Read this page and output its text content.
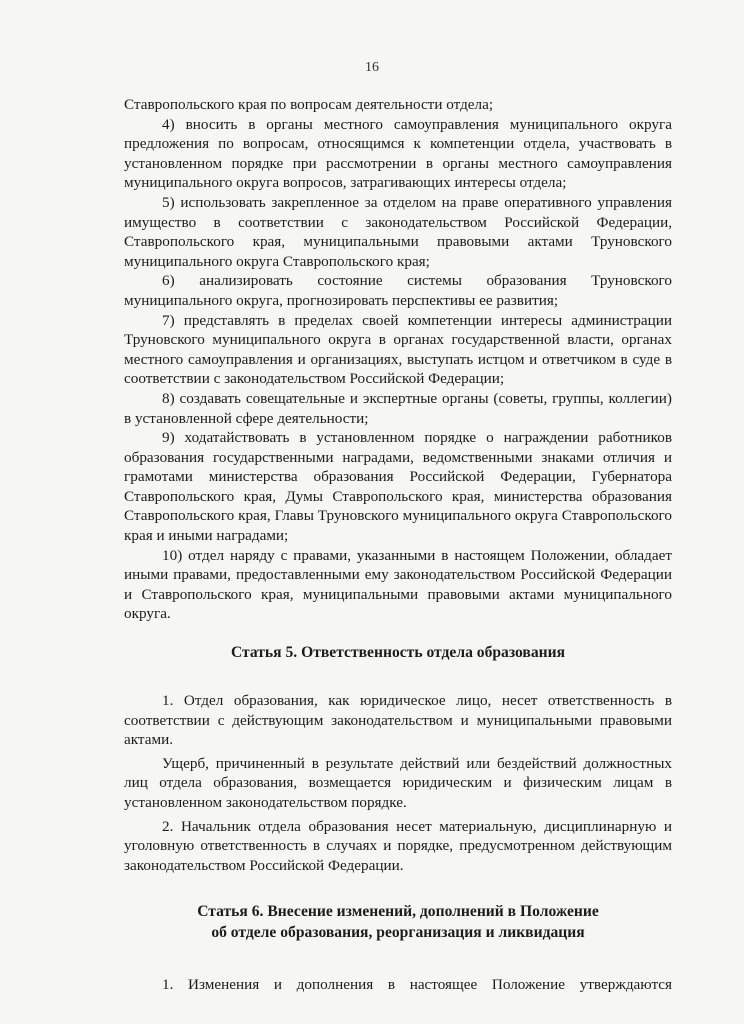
16

Ставропольского края по вопросам деятельности отдела;

4) вносить в органы местного самоуправления муниципального округа предложения по вопросам, относящимся к компетенции отдела, участвовать в установленном порядке при рассмотрении в органы местного самоуправления муниципального округа вопросов, затрагивающих интересы отдела;

5) использовать закрепленное за отделом на праве оперативного управления имущество в соответствии с законодательством Российской Федерации, Ставропольского края, муниципальными правовыми актами Труновского муниципального округа Ставропольского края;

6) анализировать состояние системы образования Труновского муниципального округа, прогнозировать перспективы ее развития;

7) представлять в пределах своей компетенции интересы администрации Труновского муниципального округа в органах государственной власти, органах местного самоуправления и организациях, выступать истцом и ответчиком в суде в соответствии с законодательством Российской Федерации;

8) создавать совещательные и экспертные органы (советы, группы, коллегии) в установленной сфере деятельности;

9) ходатайствовать в установленном порядке о награждении работников образования государственными наградами, ведомственными знаками отличия и грамотами министерства образования Российской Федерации, Губернатора Ставропольского края, Думы Ставропольского края, министерства образования Ставропольского края, Главы Труновского муниципального округа Ставропольского края и иными наградами;

10) отдел наряду с правами, указанными в настоящем Положении, обладает иными правами, предоставленными ему законодательством Российской Федерации и Ставропольского края, муниципальными правовыми актами муниципального округа.

Статья 5. Ответственность отдела образования

1. Отдел образования, как юридическое лицо, несет ответственность в соответствии с действующим законодательством и муниципальными правовыми актами.

Ущерб, причиненный в результате действий или бездействий должностных лиц отдела образования, возмещается юридическим и физическим лицам в установленном законодательством порядке.

2. Начальник отдела образования несет материальную, дисциплинарную и уголовную ответственность в случаях и порядке, предусмотренном действующим законодательством Российской Федерации.

Статья 6. Внесение изменений, дополнений в Положение

об отделе образования, реорганизация и ликвидация

1. Изменения и дополнения в настоящее Положение утверждаются
